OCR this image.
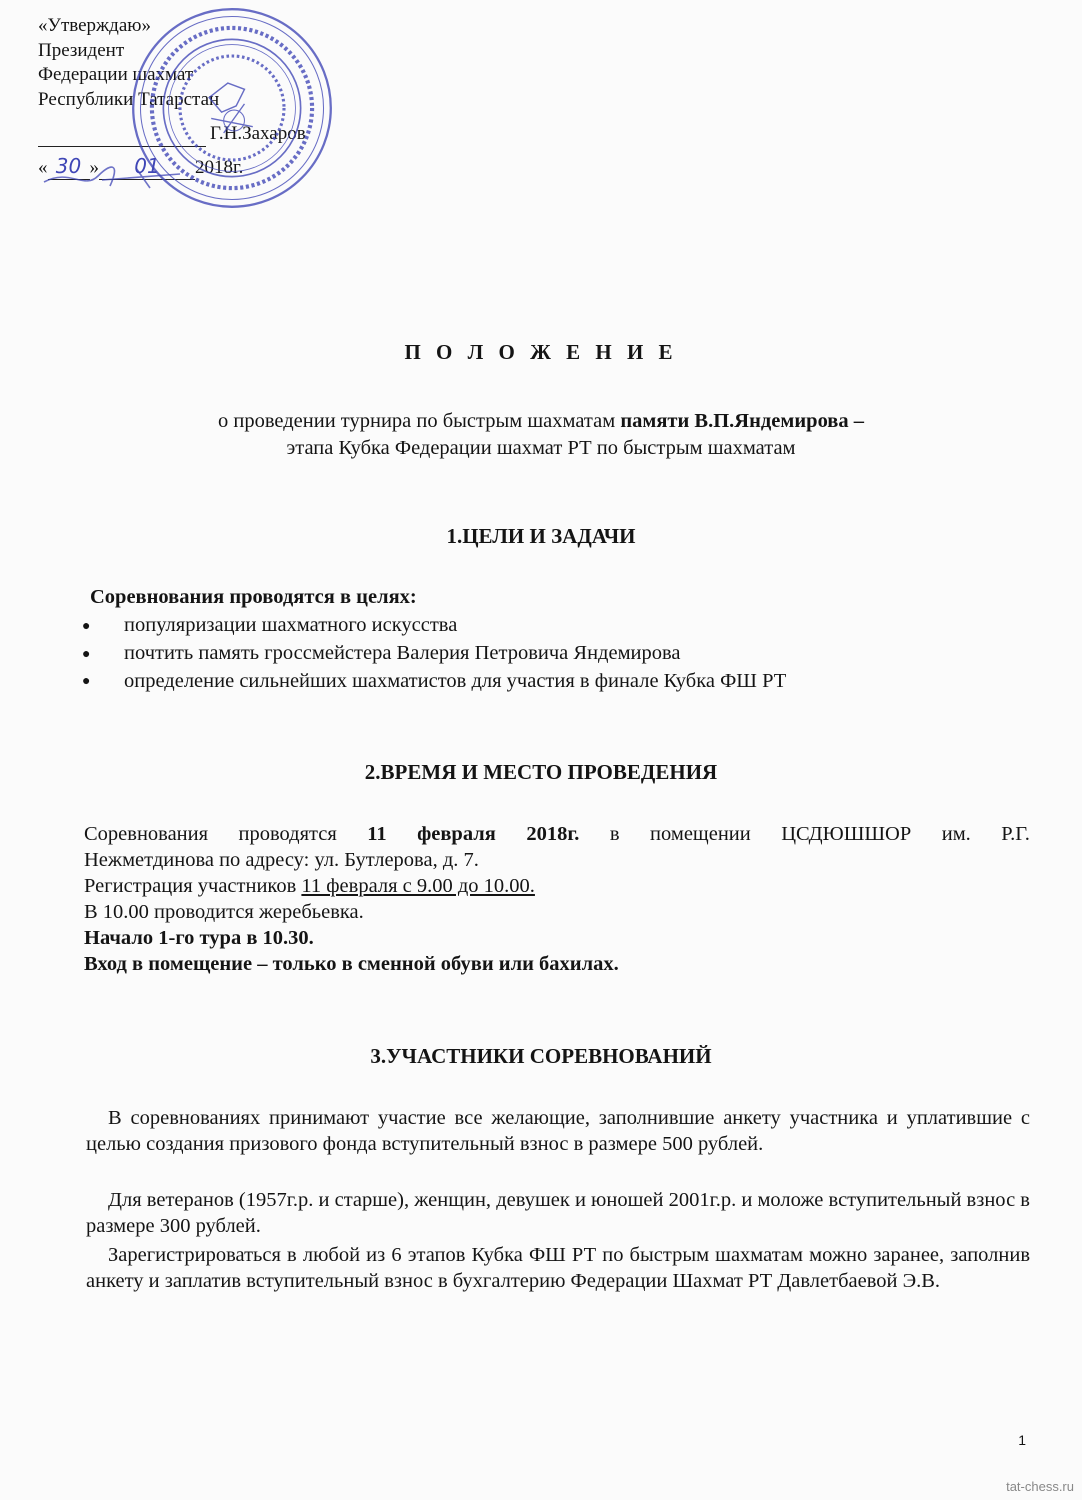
«Утверждаю»
Президент
Федерации шахмат
Республики Татарстан
Г.Н.Захаров
« 30 » 01 2018г.
П О Л О Ж Е Н И Е
о проведении турнира по быстрым шахматам памяти В.П.Яндемирова –
этапа Кубка Федерации шахмат РТ по быстрым шахматам
1.ЦЕЛИ И ЗАДАЧИ
Соревнования проводятся в целях:
● популяризации шахматного искусства
● почтить память гроссмейстера Валерия Петровича Яндемирова
● определение сильнейших шахматистов для участия в финале Кубка ФШ РТ
2.ВРЕМЯ И МЕСТО ПРОВЕДЕНИЯ
Соревнования проводятся 11 февраля 2018г. в помещении ЦСДЮШШОР им. Р.Г.
Нежметдинова по адресу: ул. Бутлерова, д. 7.
Регистрация участников 11 февраля с 9.00 до 10.00.
В 10.00 проводится жеребьевка.
Начало 1-го тура в 10.30.
Вход в помещение – только в сменной обуви или бахилах.
3.УЧАСТНИКИ СОРЕВНОВАНИЙ
В соревнованиях принимают участие все желающие, заполнившие анкету участника и уплатившие с целью создания призового фонда вступительный взнос в размере 500 рублей.
Для ветеранов (1957г.р. и старше), женщин, девушек и юношей 2001г.р. и моложе вступительный взнос в размере 300 рублей.
Зарегистрироваться в любой из 6 этапов Кубка ФШ РТ по быстрым шахматам можно заранее, заполнив анкету и заплатив вступительный взнос в бухгалтерию Федерации Шахмат РТ Давлетбаевой Э.В.
1
tat-chess.ru
